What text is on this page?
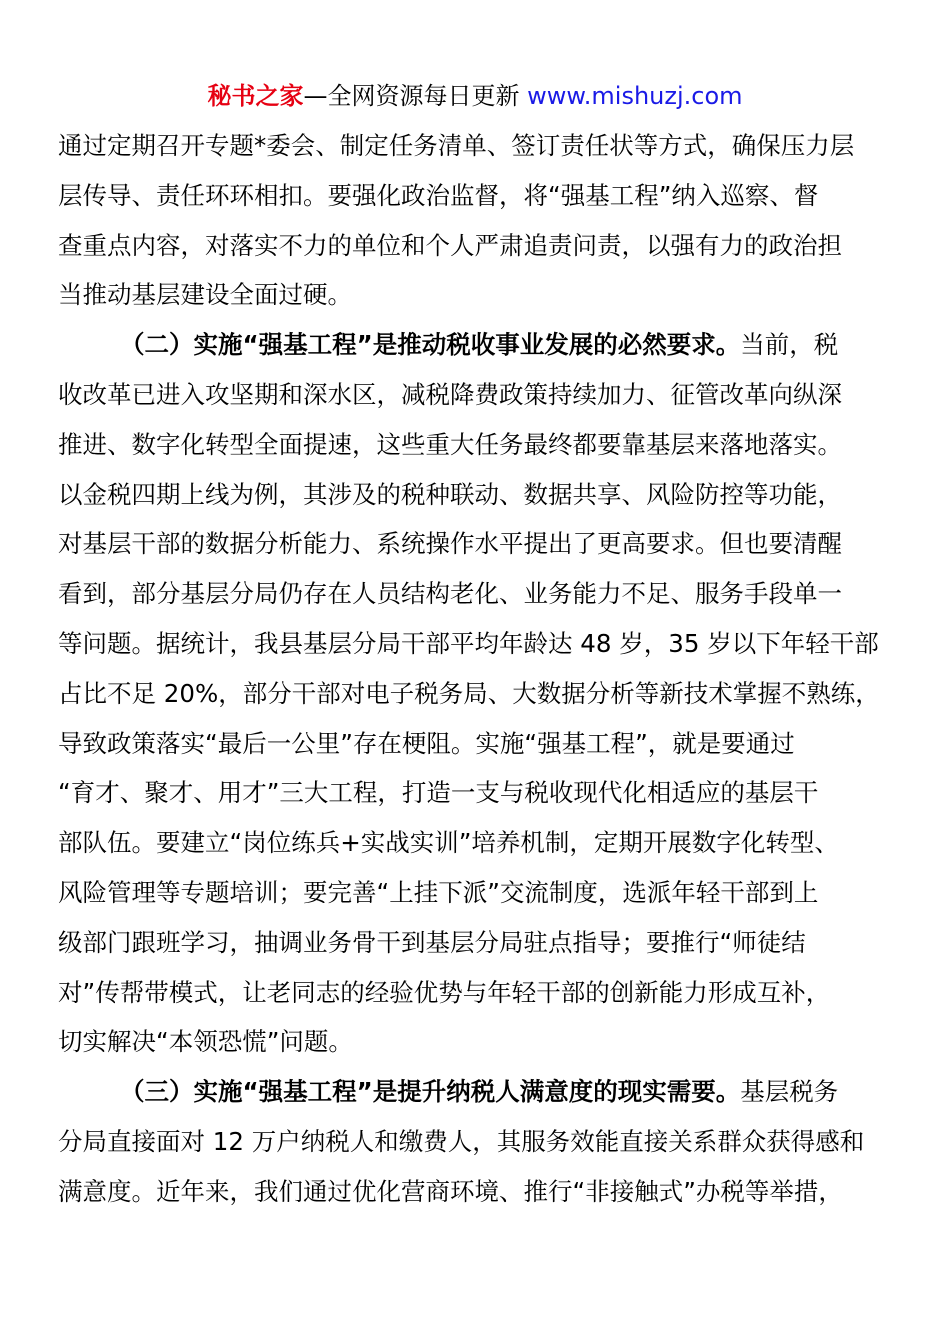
秘书之家—全网资源每日更新 www.mishuzj.com
通过定期召开专题*委会、制定任务清单、签订责任状等方式，确保压力层
层传导、责任环环相扣。要强化政治监督，将“强基工程”纳入巡察、督
查重点内容，对落实不力的单位和个人严肃追责问责，以强有力的政治担
当推动基层建设全面过硬。
（二）实施“强基工程”是推动税收事业发展的必然要求。当前，税
收改革已进入攻坚期和深水区，减税降费政策持续加力、征管改革向纵深
推进、数字化转型全面提速，这些重大任务最终都要靠基层来落地落实。
以金税四期上线为例，其涉及的税种联动、数据共享、风险防控等功能，
对基层干部的数据分析能力、系统操作水平提出了更高要求。但也要清醒
看到，部分基层分局仍存在人员结构老化、业务能力不足、服务手段单一
等问题。据统计，我县基层分局干部平均年龄达 48 岁，35 岁以下年轻干部
占比不足 20%，部分干部对电子税务局、大数据分析等新技术掌握不熟练，
导致政策落实“最后一公里”存在梗阻。实施“强基工程”，就是要通过
“育才、聚才、用才”三大工程，打造一支与税收现代化相适应的基层干
部队伍。要建立“岗位练兵+实战实训”培养机制，定期开展数字化转型、
风险管理等专题培训；要完善“上挂下派”交流制度，选派年轻干部到上
级部门跟班学习，抽调业务骨干到基层分局驻点指导；要推行“师徒结
对”传帮带模式，让老同志的经验优势与年轻干部的创新能力形成互补，
切实解决“本领恐慌”问题。
（三）实施“强基工程”是提升纳税人满意度的现实需要。基层税务
分局直接面对 12 万户纳税人和缴费人，其服务效能直接关系群众获得感和
满意度。近年来，我们通过优化营商环境、推行“非接触式”办税等举措，
